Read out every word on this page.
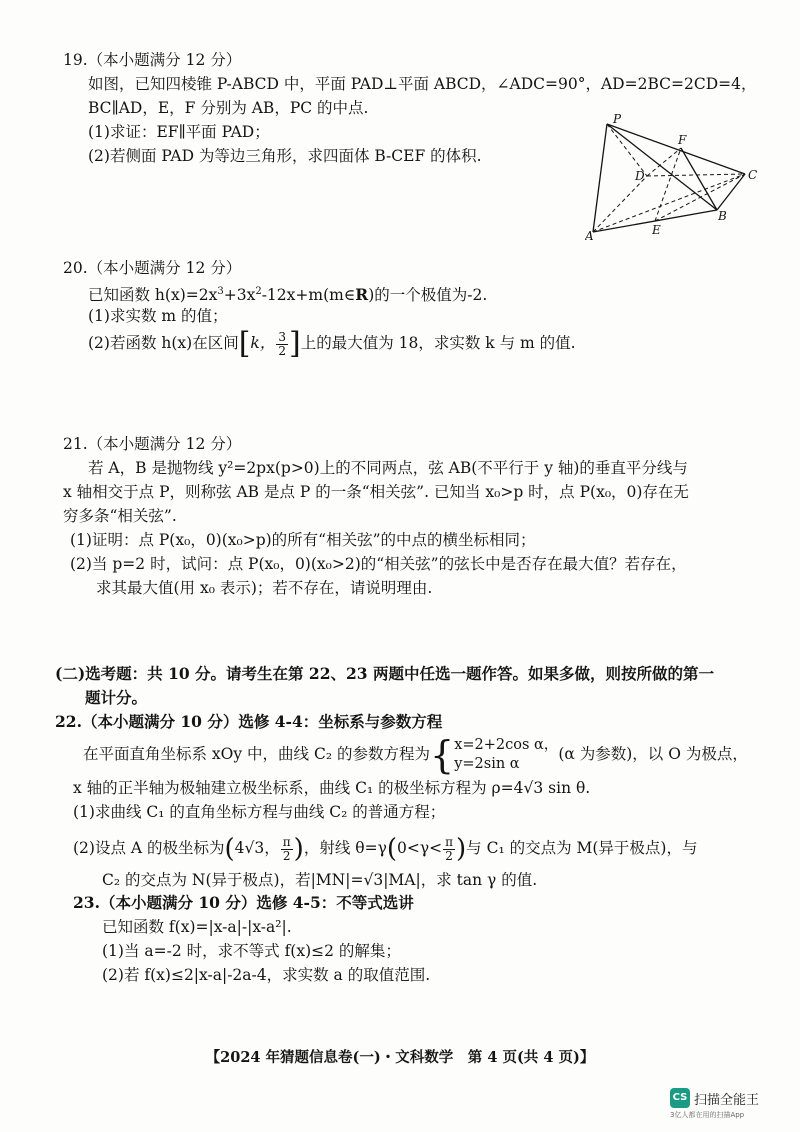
19.（本小题满分 12 分）
如图，已知四棱锥 P-ABCD 中，平面 PAD⊥平面 ABCD，∠ADC=90°，AD=2BC=2CD=4，
BC∥AD，E，F 分别为 AB，PC 的中点.
(1)求证：EF∥平面 PAD；
(2)若侧面 PAD 为等边三角形，求四面体 B-CEF 的体积.
P
F
D	C
B
E
A
20.（本小题满分 12 分）
已知函数 $h(x)=2x^3+3x^2-12x+m(m\in R)$的一个极值为-2.
(1)求实数 m 的值；
(2)若函数 h(x)在区间[k， $\frac{3}{2}$ ]上的最大值为 18，求实数 k 与 m 的值.
21.（本小题满分 12 分）
若 A，B 是抛物线 y²=2px(p>0)上的不同两点，弦 AB(不平行于 y 轴)的垂直平分线与
x 轴相交于点 P，则称弦 AB 是点 P 的一条“相关弦”. 已知当 x₀>p 时，点 P(x₀，0)存在无
穷多条“相关弦”.
(1)证明：点 P(x₀，0)(x₀>p)的所有“相关弦”的中点的横坐标相同；
(2)当 p=2 时，试问：点 P(x₀，0)(x₀>2)的“相关弦”的弦长中是否存在最大值？若存在，
求其最大值(用 x₀ 表示)；若不存在，请说明理由.
(二)选考题：共 10 分。请考生在第 22、23 两题中任选一题作答。如果多做，则按所做的第一
题计分。
22.（本小题满分 10 分）选修 4-4：坐标系与参数方程
在平面直角坐标系 xOy 中，曲线 C₂ 的参数方程为{ x=2+2cos α，
y=2sin α
(α 为参数)，以 O 为极点，
x 轴的正半轴为极轴建立极坐标系，曲线 C₁ 的极坐标方程为 ρ=4√3 sin θ.
(1)求曲线 C₁ 的直角坐标方程与曲线 C₂ 的普通方程；
(2)设点 A 的极坐标为(4√3， $\frac{\pi}{2}$ )，射线 $\theta=\gamma(0<\gamma< \frac{\pi}{2}$ )与 C₁ 的交点为 M(异于极点)，与
C₂ 的交点为 N(异于极点)，若|MN|=√3|MA|，求 tan γ 的值.
23.（本小题满分 10 分）选修 4-5：不等式选讲
已知函数 f(x)=|x-a|-|x-a²|.
(1)当 a=-2 时，求不等式 f(x)≤2 的解集；
(2)若 f(x)≤2|x-a|-2a-4，求实数 a 的取值范围.
【2024 年猜题信息卷(一)・文科数学　第 4 页(共 4 页)】
CS 扫描全能王
3亿人都在用的扫描App
